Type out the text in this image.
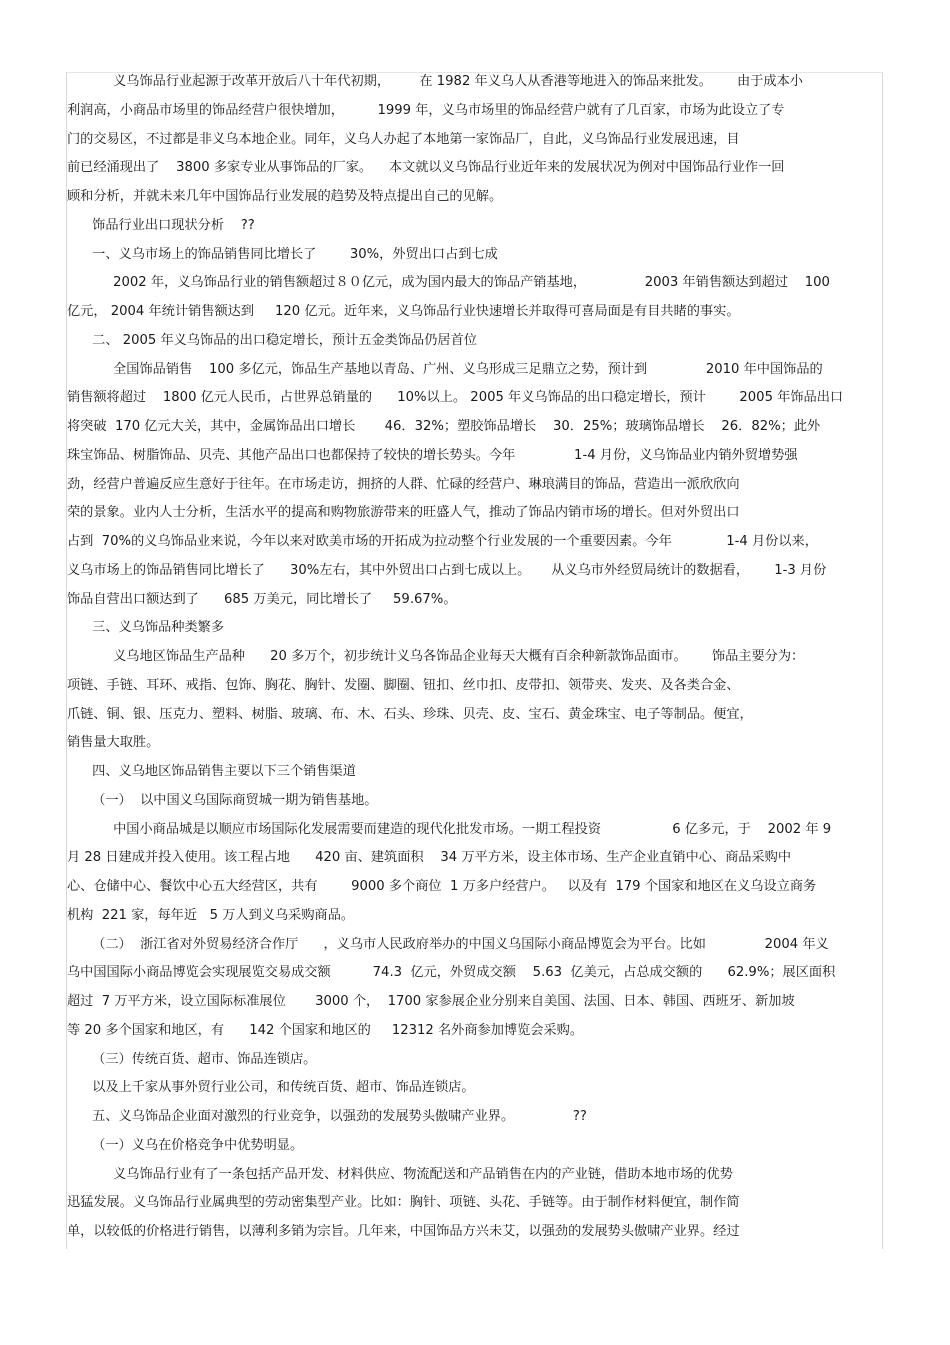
义乌饰品行业起源于改革开放后八十年代初期，       在 1982 年义乌人从香港等地进入的饰品来批发。      由于成本小
利润高，小商品市场里的饰品经营户很快增加，        1999 年，义乌市场里的饰品经营户就有了几百家，市场为此设立了专
门的交易区，不过都是非义乌本地企业。同年，义乌人办起了本地第一家饰品厂，自此，义乌饰品行业发展迅速，目
前已经涌现出了    3800 多家专业从事饰品的厂家。    本文就以义乌饰品行业近年来的发展状况为例对中国饰品行业作一回
顾和分析，并就未来几年中国饰品行业发展的趋势及特点提出自己的见解。
饰品行业出口现状分析    ??
一、义乌市场上的饰品销售同比增长了        30%，外贸出口占到七成
2002 年，义乌饰品行业的销售额超过８０亿元，成为国内最大的饰品产销基地，              2003 年销售额达到超过    100
亿元， 2004 年统计销售额达到     120 亿元。近年来，义乌饰品行业快速增长并取得可喜局面是有目共睹的事实。
二、 2005 年义乌饰品的出口稳定增长，预计五金类饰品仍居首位
全国饰品销售    100 多亿元，饰品生产基地以青岛、广州、义乌形成三足鼎立之势，预计到              2010 年中国饰品的
销售额将超过    1800 亿元人民币，占世界总销量的      10%以上。 2005 年义乌饰品的出口稳定增长，预计        2005 年饰品出口
将突破  170 亿元大关，其中，金属饰品出口增长       46．32%；塑胶饰品增长    30．25%；玻璃饰品增长    26．82%；此外
珠宝饰品、树脂饰品、贝壳、其他产品出口也都保持了较快的增长势头。今年              1-4 月份，义乌饰品业内销外贸增势强
劲，经营户普遍反应生意好于往年。在市场走访，拥挤的人群、忙碌的经营户、琳琅满目的饰品，营造出一派欣欣向
荣的景象。业内人士分析，生活水平的提高和购物旅游带来的旺盛人气，推动了饰品内销市场的增长。但对外贸出口
占到  70%的义乌饰品业来说，今年以来对欧美市场的开拓成为拉动整个行业发展的一个重要因素。今年             1-4 月份以来，
义乌市场上的饰品销售同比增长了      30%左右，其中外贸出口占到七成以上。     从义乌市外经贸局统计的数据看，      1-3 月份
饰品自营出口额达到了      685 万美元，同比增长了     59.67%。
三、义乌饰品种类繁多
义乌地区饰品生产品种      20 多万个，初步统计义乌各饰品企业每天大概有百余种新款饰品面市。      饰品主要分为：
项链、手链、耳环、戒指、包饰、胸花、胸针、发圈、脚圈、钮扣、丝巾扣、皮带扣、领带夹、发夹、及各类合金、
爪链、铜、银、压克力、塑料、树脂、玻璃、布、木、石头、珍珠、贝壳、皮、宝石、黄金珠宝、电子等制品。便宜，
销售量大取胜。
四、义乌地区饰品销售主要以下三个销售渠道
（一）  以中国义乌国际商贸城一期为销售基地。
中国小商品城是以顺应市场国际化发展需要而建造的现代化批发市场。一期工程投资                 6 亿多元，于    2002 年 9
月 28 日建成并投入使用。该工程占地      420 亩、建筑面积    34 万平方米，设主体市场、生产企业直销中心、商品采购中
心、仓储中心、餐饮中心五大经营区，共有        9000 多个商位  1 万多户经营户。   以及有  179 个国家和地区在义乌设立商务
机构  221 家，每年近   5 万人到义乌采购商品。
（二）  浙江省对外贸易经济合作厅      ，义乌市人民政府举办的中国义乌国际小商品博览会为平台。比如              2004 年义
乌中国国际小商品博览会实现展览交易成交额          74.3  亿元，外贸成交额    5.63  亿美元，占总成交额的      62.9%；展区面积
超过  7 万平方米，设立国际标准展位       3000 个，  1700 家参展企业分别来自美国、法国、日本、韩国、西班牙、新加坡
等 20 多个国家和地区，有      142 个国家和地区的     12312 名外商参加博览会采购。
（三）传统百货、超市、饰品连锁店。
以及上千家从事外贸行业公司，和传统百货、超市、饰品连锁店。
五、义乌饰品企业面对激烈的行业竞争，以强劲的发展势头傲啸产业界。              ??
（一）义乌在价格竞争中优势明显。
义乌饰品行业有了一条包括产品开发、材料供应、物流配送和产品销售在内的产业链，借助本地市场的优势
迅猛发展。义乌饰品行业属典型的劳动密集型产业。比如：胸针、项链、头花、手链等。由于制作材料便宜，制作简
单，以较低的价格进行销售，以薄利多销为宗旨。几年来，中国饰品方兴未艾，以强劲的发展势头傲啸产业界。经过
